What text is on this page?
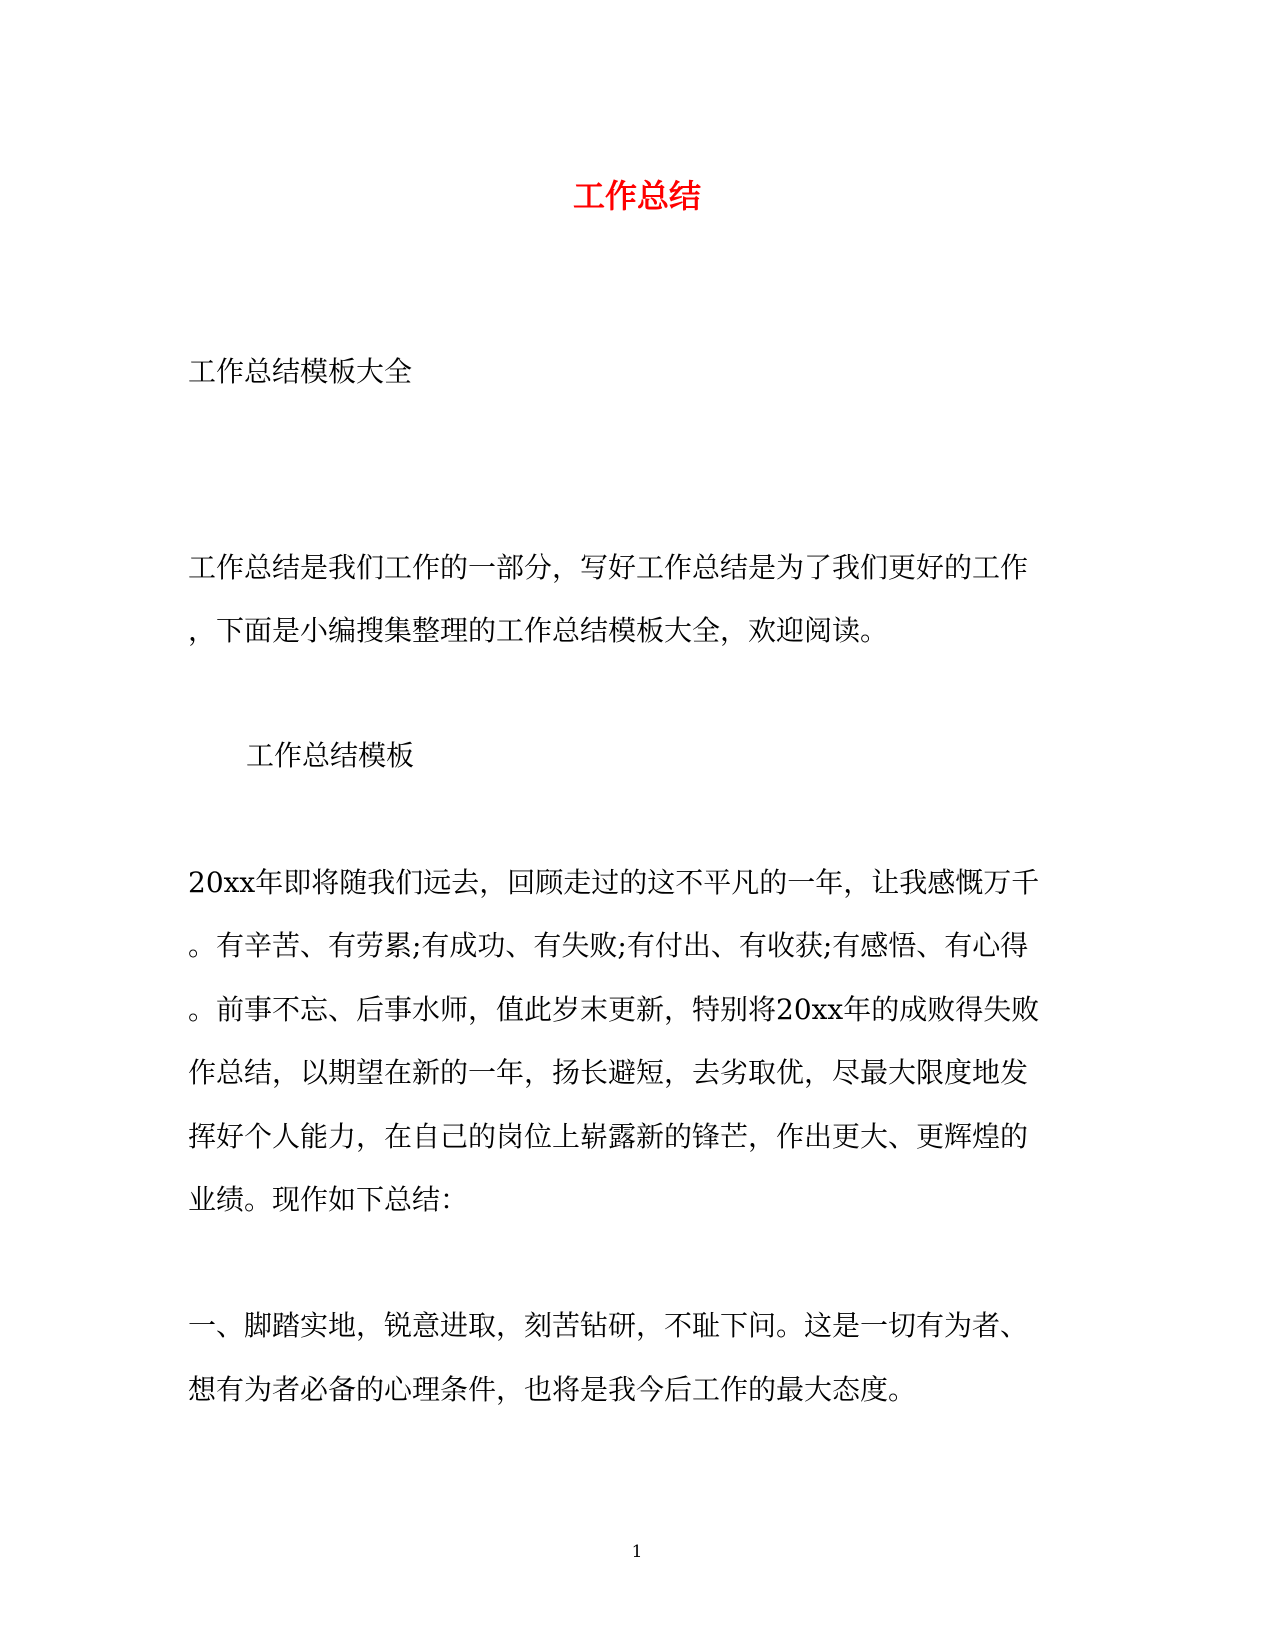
工作总结
工作总结模板大全
工作总结是我们工作的一部分，写好工作总结是为了我们更好的工作
，下面是小编搜集整理的工作总结模板大全，欢迎阅读。
工作总结模板
20xx年即将随我们远去，回顾走过的这不平凡的一年，让我感慨万千
。有辛苦、有劳累;有成功、有失败;有付出、有收获;有感悟、有心得
。前事不忘、后事水师，值此岁末更新，特别将20xx年的成败得失败
作总结，以期望在新的一年，扬长避短，去劣取优，尽最大限度地发
挥好个人能力，在自己的岗位上崭露新的锋芒，作出更大、更辉煌的
业绩。现作如下总结：
一、脚踏实地，锐意进取，刻苦钻研，不耻下问。这是一切有为者、
想有为者必备的心理条件，也将是我今后工作的最大态度。
1
